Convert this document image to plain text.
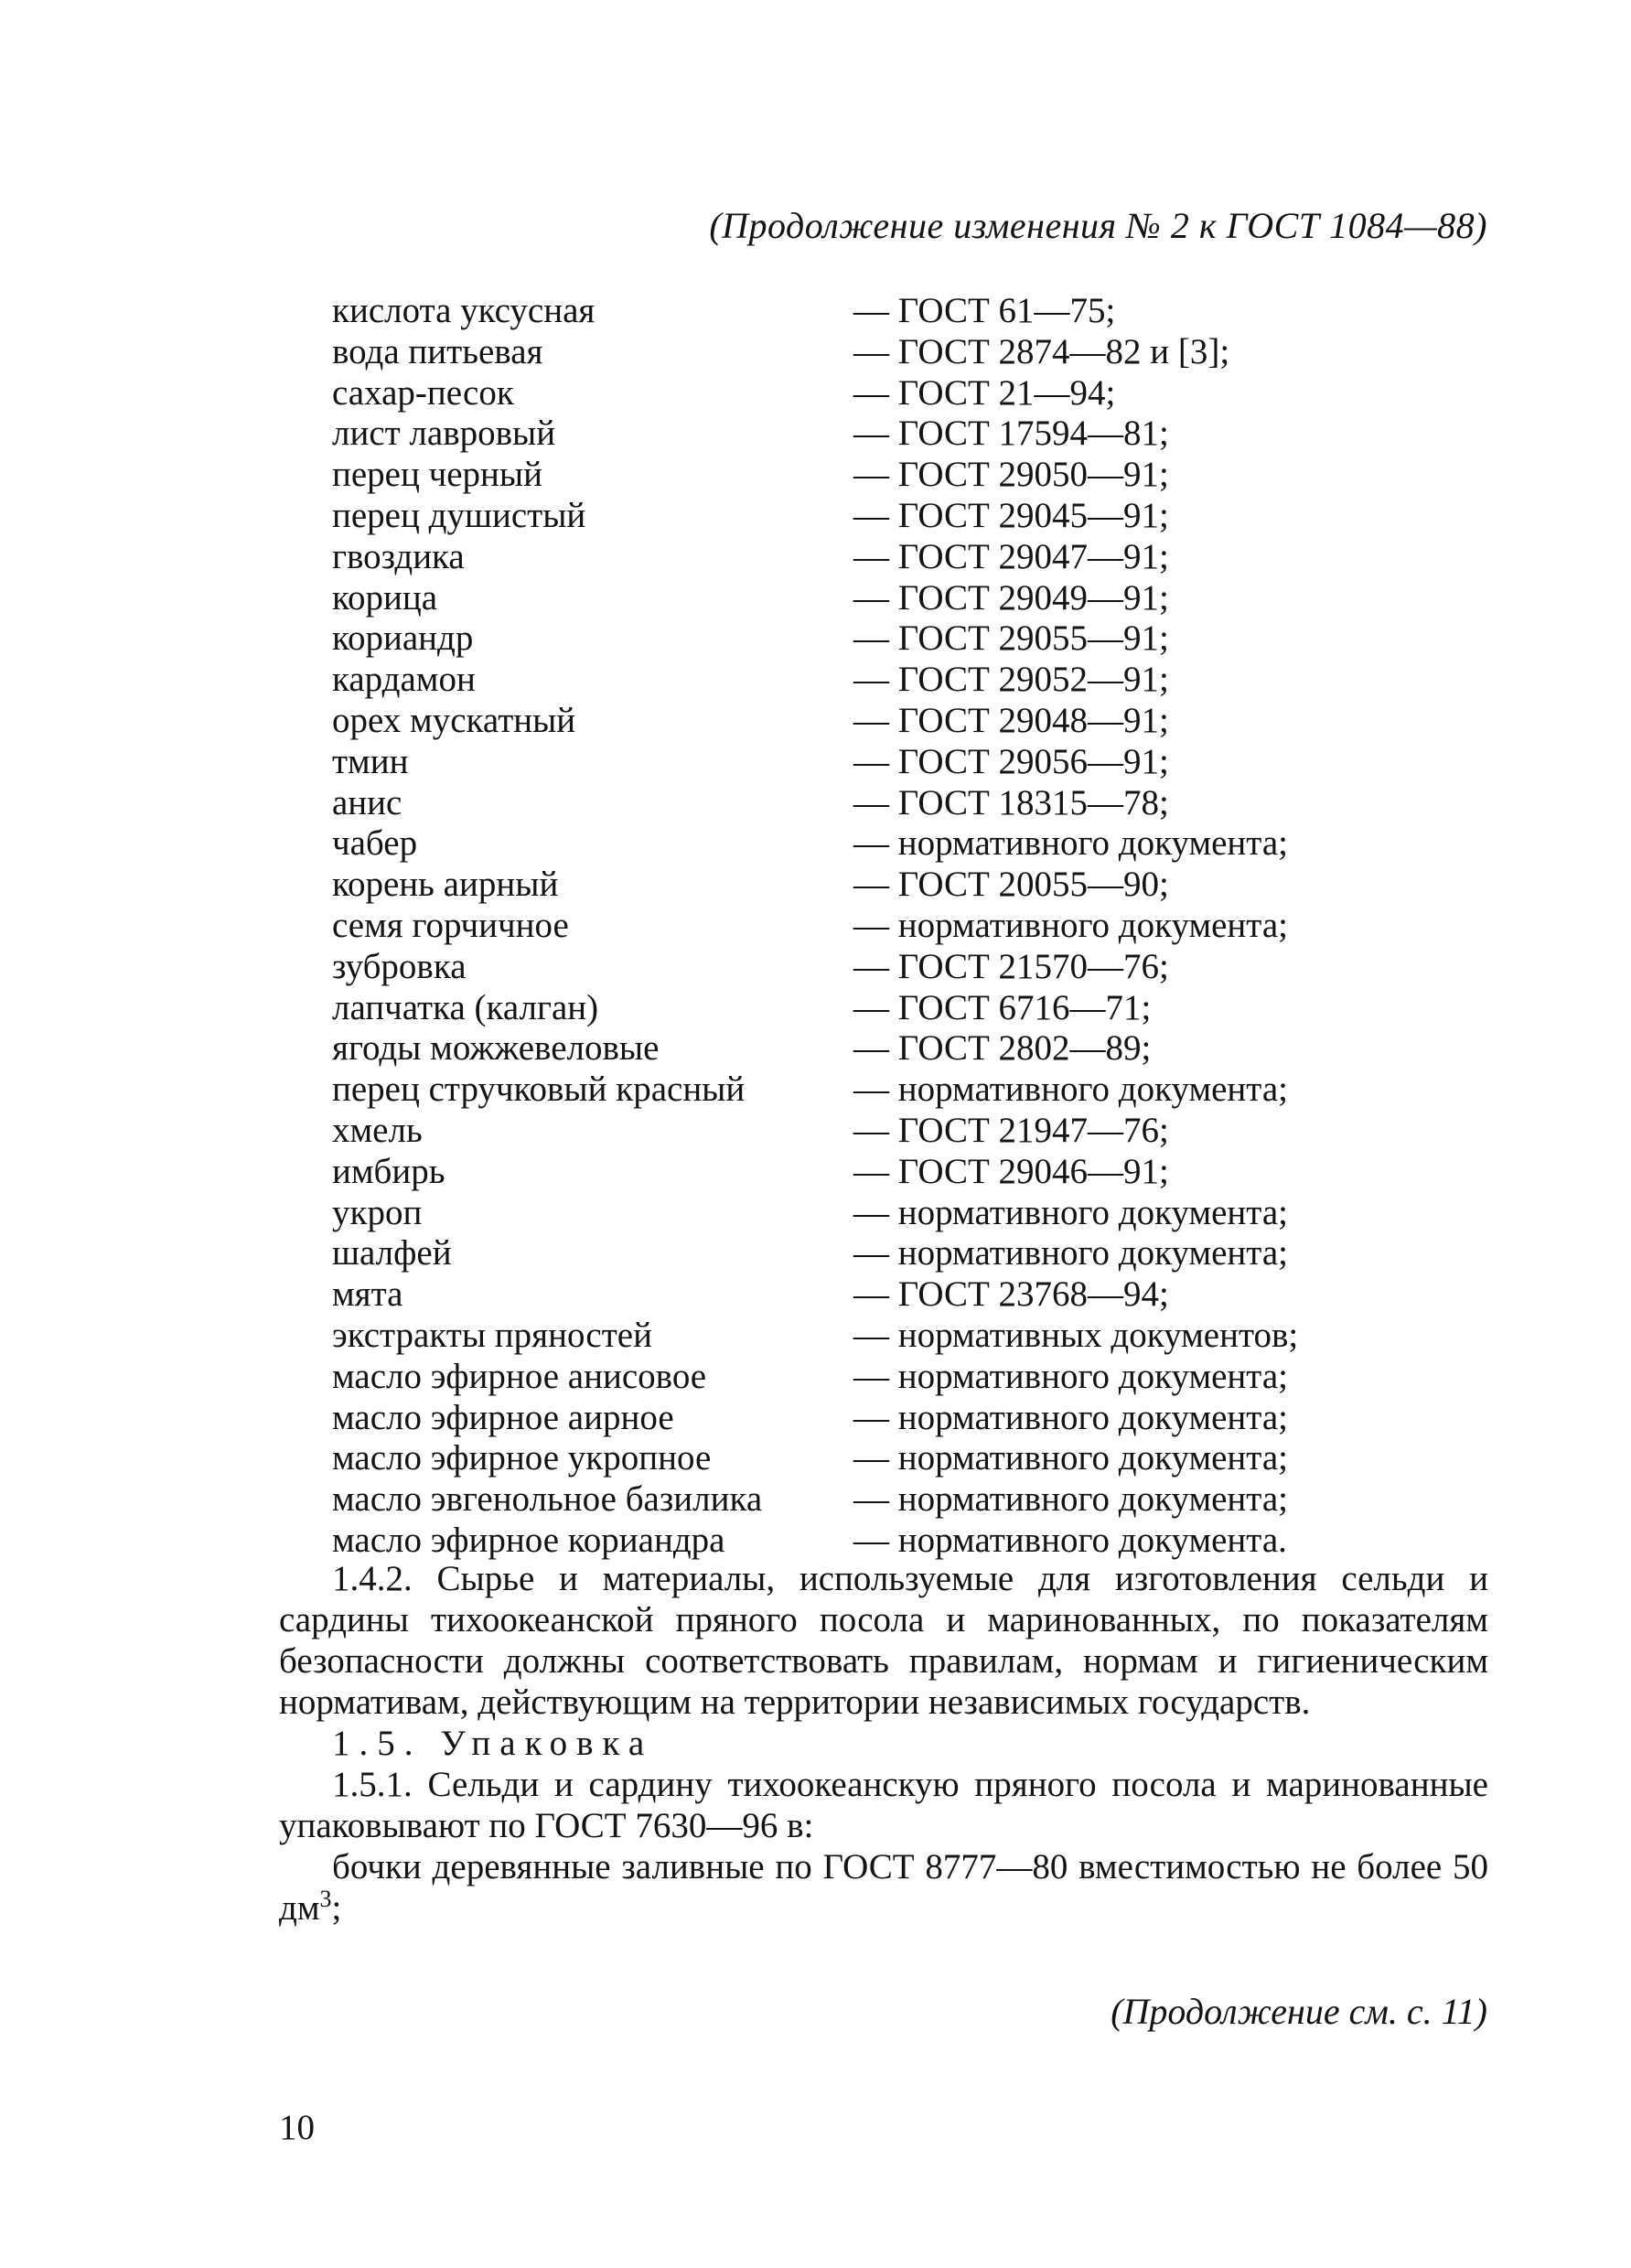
(Продолжение изменения № 2 к ГОСТ 1084—88)
кислота уксусная	— ГОСТ 61—75;
вода питьевая	— ГОСТ 2874—82 и [3];
сахар-песок	— ГОСТ 21—94;
лист лавровый	— ГОСТ 17594—81;
перец черный	— ГОСТ 29050—91;
перец душистый	— ГОСТ 29045—91;
гвоздика	— ГОСТ 29047—91;
корица	— ГОСТ 29049—91;
кориандр	— ГОСТ 29055—91;
кардамон	— ГОСТ 29052—91;
орех мускатный	— ГОСТ 29048—91;
тмин	— ГОСТ 29056—91;
анис	— ГОСТ 18315—78;
чабер	— нормативного документа;
корень аирный	— ГОСТ 20055—90;
семя горчичное	— нормативного документа;
зубровка	— ГОСТ 21570—76;
лапчатка (калган)	— ГОСТ 6716—71;
ягоды можжевеловые	— ГОСТ 2802—89;
перец стручковый красный	— нормативного документа;
хмель	— ГОСТ 21947—76;
имбирь	— ГОСТ 29046—91;
укроп	— нормативного документа;
шалфей	— нормативного документа;
мята	— ГОСТ 23768—94;
экстракты пряностей	— нормативных документов;
масло эфирное анисовое	— нормативного документа;
масло эфирное аирное	— нормативного документа;
масло эфирное укропное	— нормативного документа;
масло эвгенольное базилика	— нормативного документа;
масло эфирное кориандра	— нормативного документа.

1.4.2. Сырье и материалы, используемые для изготовления сельди и сардины тихоокеанской пряного посола и маринованных, по показателям безопасности должны соответствовать правилам, нормам и гигиеническим нормативам, действующим на территории независимых государств.

1.5. Упаковка

1.5.1. Сельди и сардину тихоокеанскую пряного посола и маринованные упаковывают по ГОСТ 7630—96 в:

бочки деревянные заливные по ГОСТ 8777—80 вместимостью не более 50 $дм^3$;

(Продолжение см. с. 11)
10
